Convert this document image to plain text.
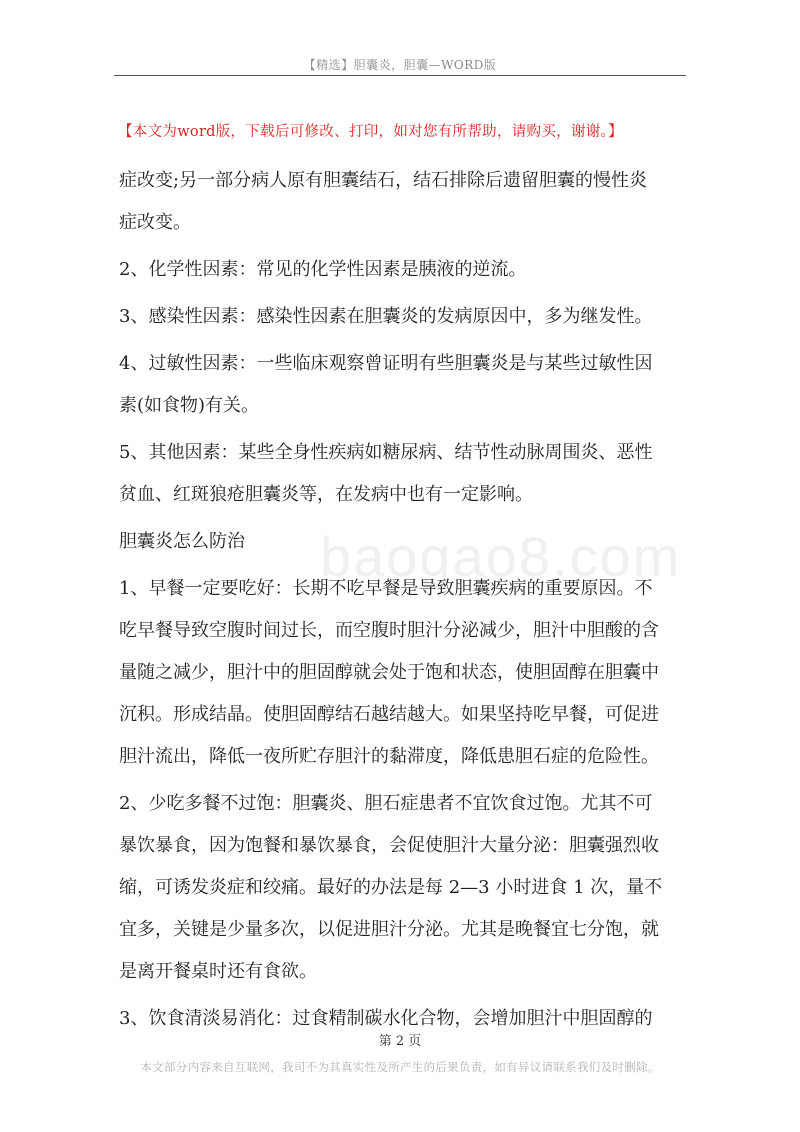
【精选】胆囊炎，胆囊—WORD版
【本文为word版，下载后可修改、打印，如对您有所帮助，请购买，谢谢。】
baogao8.com
症改变;另一部分病人原有胆囊结石，结石排除后遗留胆囊的慢性炎
症改变。
2、化学性因素：常见的化学性因素是胰液的逆流。
3、感染性因素：感染性因素在胆囊炎的发病原因中，多为继发性。
4、过敏性因素：一些临床观察曾证明有些胆囊炎是与某些过敏性因
素(如食物)有关。
5、其他因素：某些全身性疾病如糖尿病、结节性动脉周围炎、恶性
贫血、红斑狼疮胆囊炎等，在发病中也有一定影响。
胆囊炎怎么防治
1、早餐一定要吃好：长期不吃早餐是导致胆囊疾病的重要原因。不
吃早餐导致空腹时间过长，而空腹时胆汁分泌减少，胆汁中胆酸的含
量随之减少，胆汁中的胆固醇就会处于饱和状态，使胆固醇在胆囊中
沉积。形成结晶。使胆固醇结石越结越大。如果坚持吃早餐，可促进
胆汁流出，降低一夜所贮存胆汁的黏滞度，降低患胆石症的危险性。
2、少吃多餐不过饱：胆囊炎、胆石症患者不宜饮食过饱。尤其不可
暴饮暴食，因为饱餐和暴饮暴食，会促使胆汁大量分泌：胆囊强烈收
缩，可诱发炎症和绞痛。最好的办法是每 2—3 小时进食 1 次，量不
宜多，关键是少量多次，以促进胆汁分泌。尤其是晚餐宜七分饱，就
是离开餐桌时还有食欲。
3、饮食清淡易消化：过食精制碳水化合物，会增加胆汁中胆固醇的
第 2 页
本文部分内容来自互联网，我司不为其真实性及所产生的后果负责，如有异议请联系我们及时删除。
